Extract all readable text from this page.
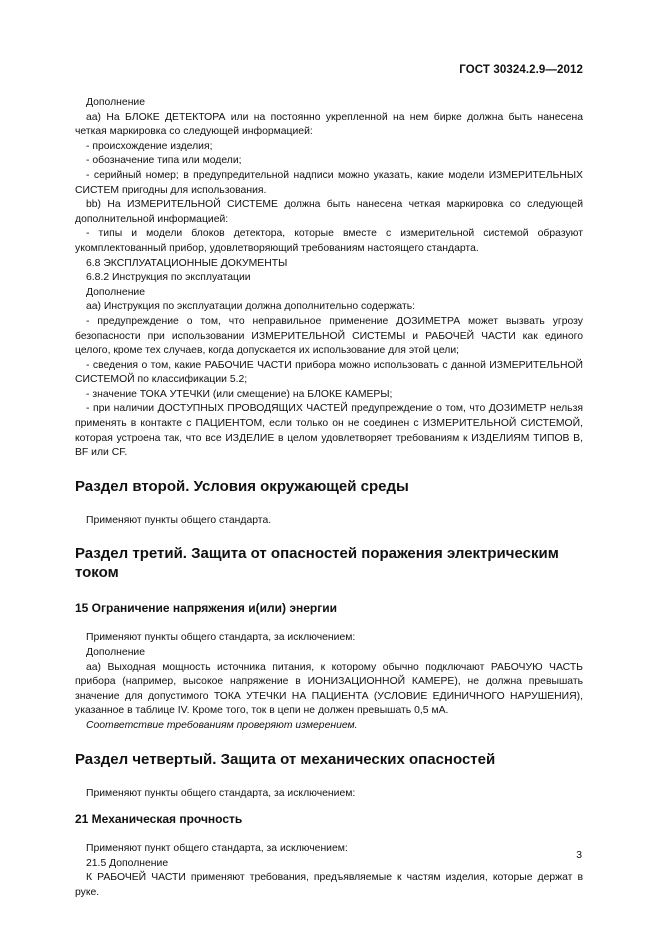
ГОСТ 30324.2.9—2012

Дополнение

аа) На БЛОКЕ ДЕТЕКТОРА или на постоянно укрепленной на нем бирке должна быть нанесена четкая маркировка со следующей информацией:

- происхождение изделия;

- обозначение типа или модели;

- серийный номер; в предупредительной надписи можно указать, какие модели ИЗМЕРИТЕЛЬНЫХ СИСТЕМ пригодны для использования.

bb) На ИЗМЕРИТЕЛЬНОЙ СИСТЕМЕ должна быть нанесена четкая маркировка со следующей дополнительной информацией:

- типы и модели блоков детектора, которые вместе с измерительной системой образуют укомплектованный прибор, удовлетворяющий требованиям настоящего стандарта.

6.8 ЭКСПЛУАТАЦИОННЫЕ ДОКУМЕНТЫ

6.8.2 Инструкция по эксплуатации

Дополнение

аа) Инструкция по эксплуатации должна дополнительно содержать:

- предупреждение о том, что неправильное применение ДОЗИМЕТРА может вызвать угрозу безопасности при использовании ИЗМЕРИТЕЛЬНОЙ СИСТЕМЫ и РАБОЧЕЙ ЧАСТИ как единого целого, кроме тех случаев, когда допускается их использование для этой цели;

- сведения о том, какие РАБОЧИЕ ЧАСТИ прибора можно использовать с данной ИЗМЕРИТЕЛЬНОЙ СИСТЕМОЙ по классификации 5.2;

- значение ТОКА УТЕЧКИ (или смещение) на БЛОКЕ КАМЕРЫ;

- при наличии ДОСТУПНЫХ ПРОВОДЯЩИХ ЧАСТЕЙ предупреждение о том, что ДОЗИМЕТР нельзя применять в контакте с ПАЦИЕНТОМ, если только он не соединен с ИЗМЕРИТЕЛЬНОЙ СИСТЕМОЙ, которая устроена так, что все ИЗДЕЛИЕ в целом удовлетворяет требованиям к ИЗДЕЛИЯМ ТИПОВ В, BF или CF.

Раздел второй. Условия окружающей среды

Применяют пункты общего стандарта.

Раздел третий. Защита от опасностей поражения электрическим током
15 Ограничение напряжения и(или) энергии

Применяют пункты общего стандарта, за исключением:

Дополнение

аа) Выходная мощность источника питания, к которому обычно подключают РАБОЧУЮ ЧАСТЬ прибора (например, высокое напряжение в ИОНИЗАЦИОННОЙ КАМЕРЕ), не должна превышать значение для допустимого ТОКА УТЕЧКИ НА ПАЦИЕНТА (УСЛОВИЕ ЕДИНИЧНОГО НАРУШЕНИЯ), указанное в таблице IV. Кроме того, ток в цепи не должен превышать 0,5 мА.

Соответствие требованиям проверяют измерением.

Раздел четвертый. Защита от механических опасностей

Применяют пункты общего стандарта, за исключением:

21 Механическая прочность

Применяют пункт общего стандарта, за исключением:

21.5 Дополнение

К РАБОЧЕЙ ЧАСТИ применяют требования, предъявляемые к частям изделия, которые держат в руке.

3
